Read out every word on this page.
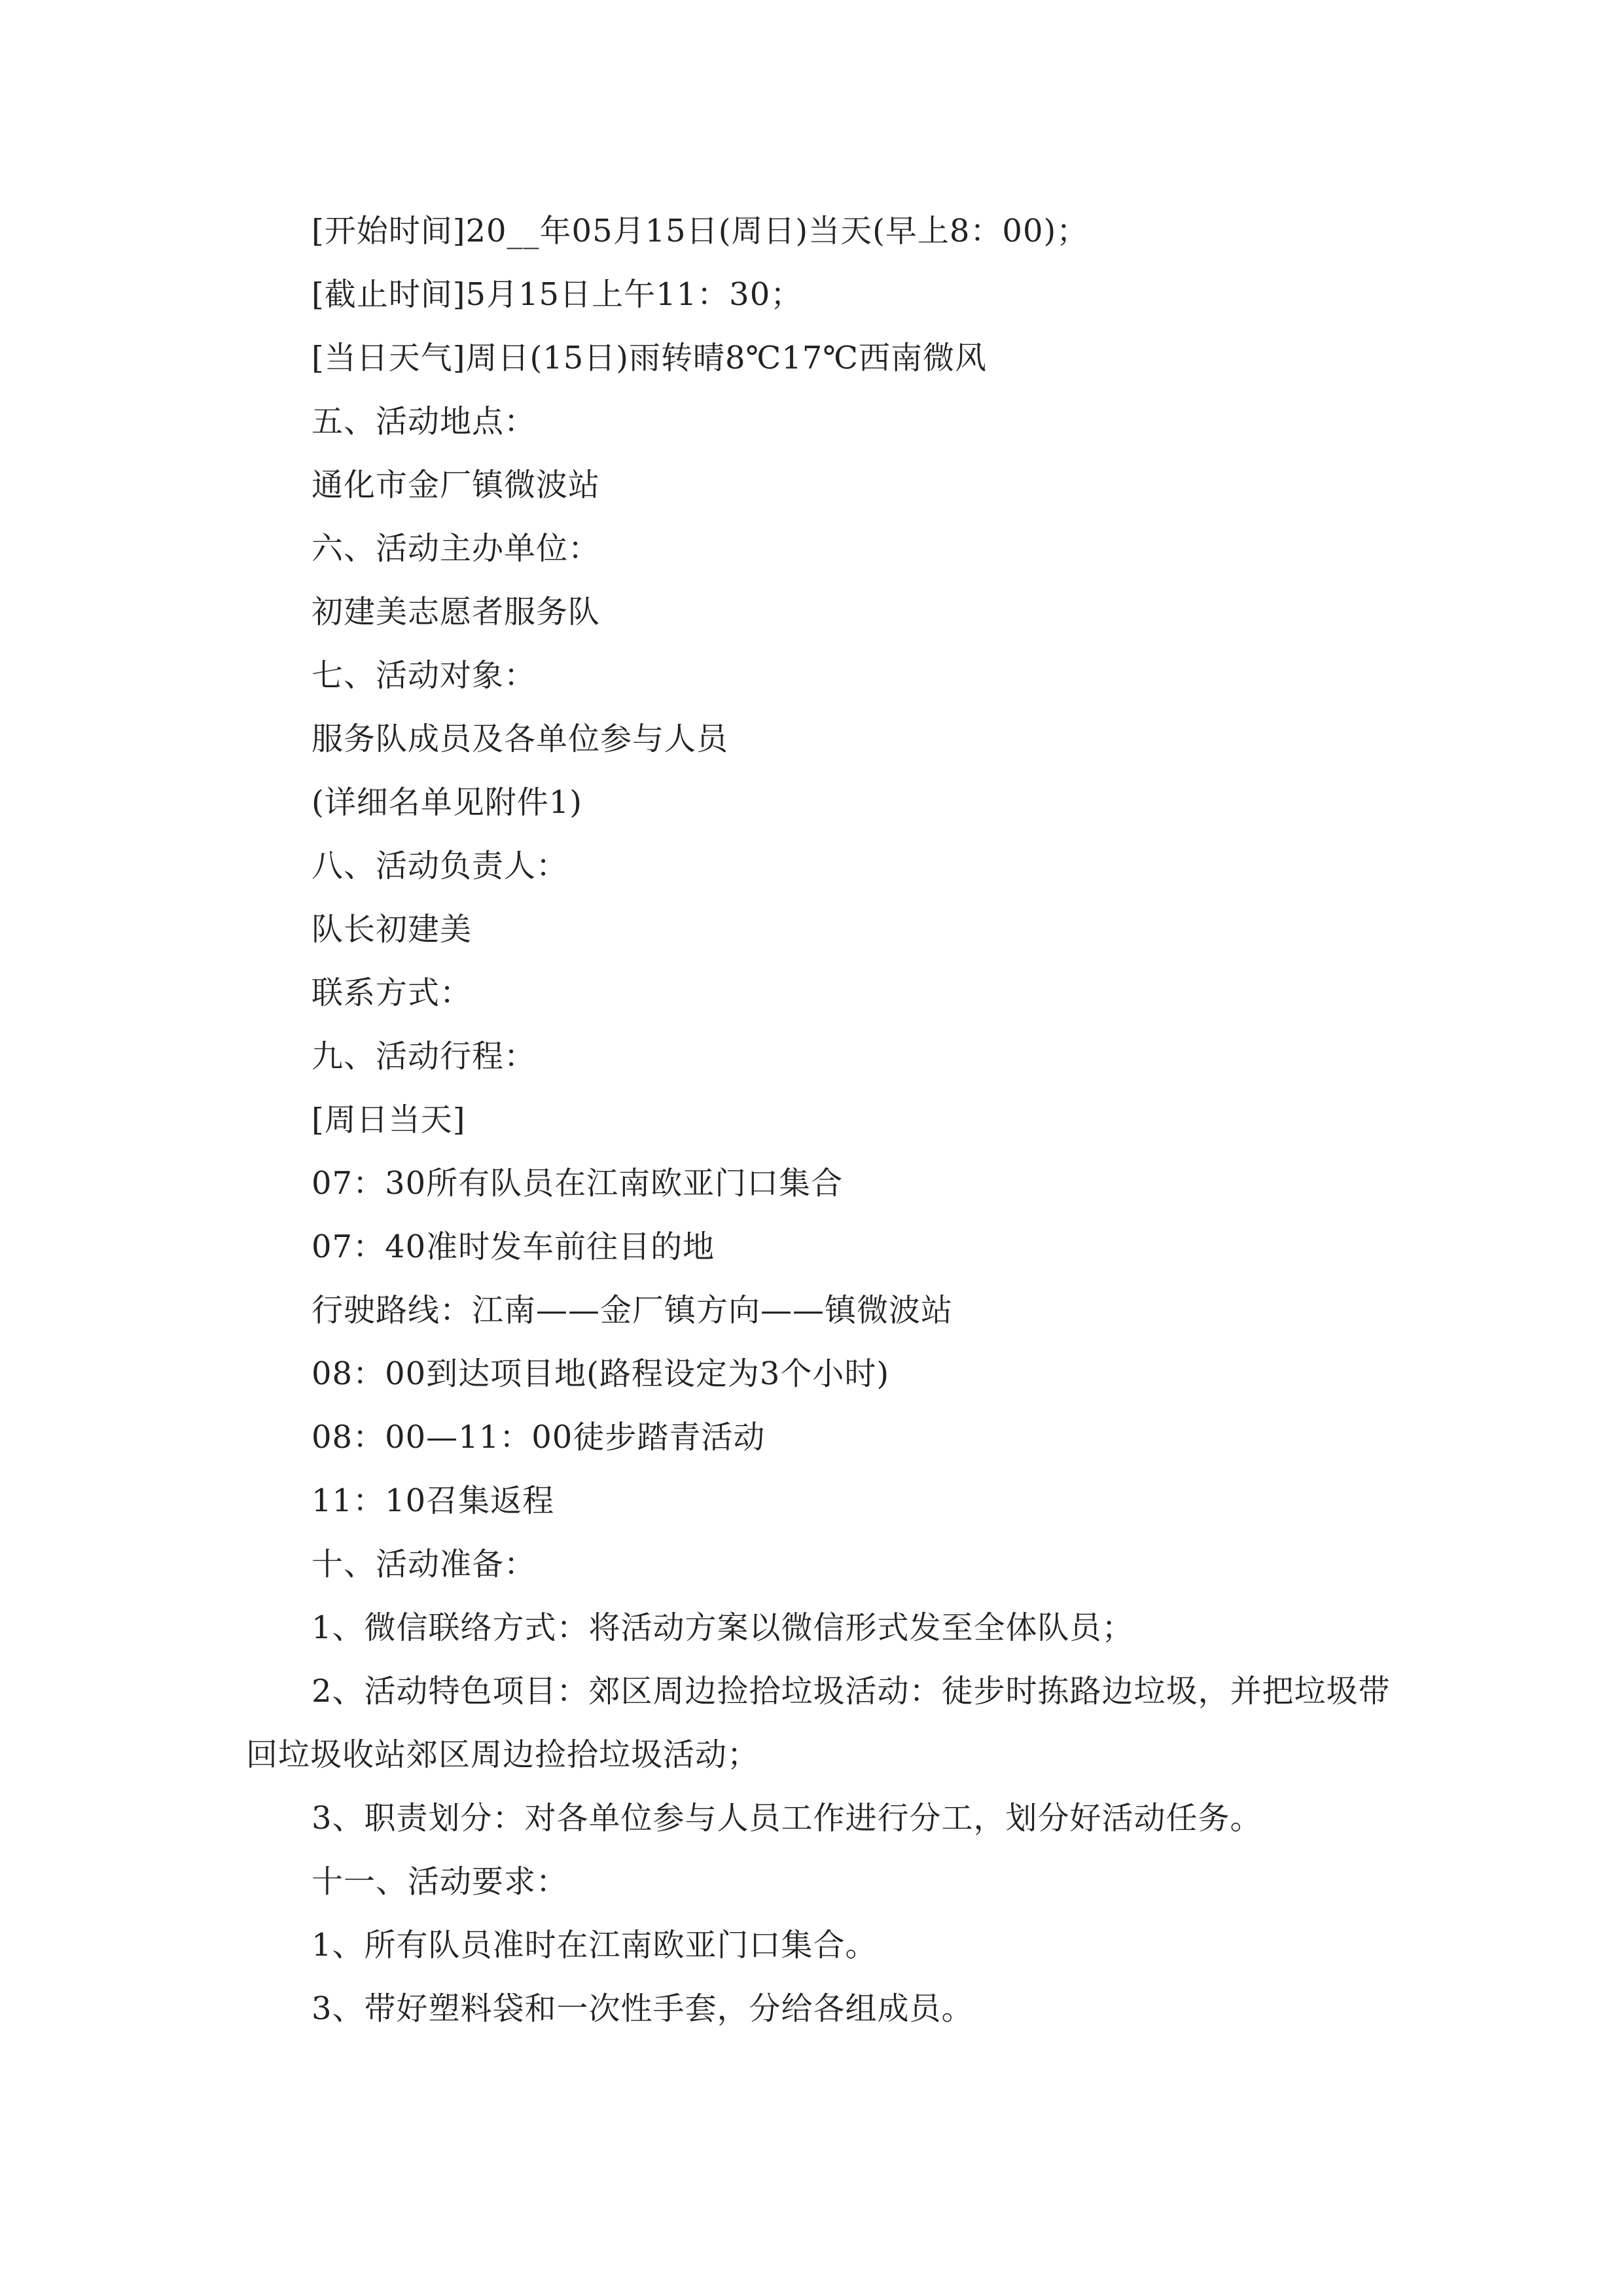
[开始时间]20__年05月15日(周日)当天(早上8：00)；
[截止时间]5月15日上午11：30；
[当日天气]周日(15日)雨转晴8℃17℃西南微风
五、活动地点：
通化市金厂镇微波站
六、活动主办单位：
初建美志愿者服务队
七、活动对象：
服务队成员及各单位参与人员
(详细名单见附件1)
八、活动负责人：
队长初建美
联系方式：
九、活动行程：
[周日当天]
07：30所有队员在江南欧亚门口集合
07：40准时发车前往目的地
行驶路线：江南——金厂镇方向——镇微波站
08：00到达项目地(路程设定为3个小时)
08：00—11：00徒步踏青活动
11：10召集返程
十、活动准备：
1、微信联络方式：将活动方案以微信形式发至全体队员；
2、活动特色项目：郊区周边捡拾垃圾活动：徒步时拣路边垃圾，并把垃圾带回垃圾收站郊区周边捡拾垃圾活动；
3、职责划分：对各单位参与人员工作进行分工，划分好活动任务。
十一、活动要求：
1、所有队员准时在江南欧亚门口集合。
3、带好塑料袋和一次性手套，分给各组成员。
